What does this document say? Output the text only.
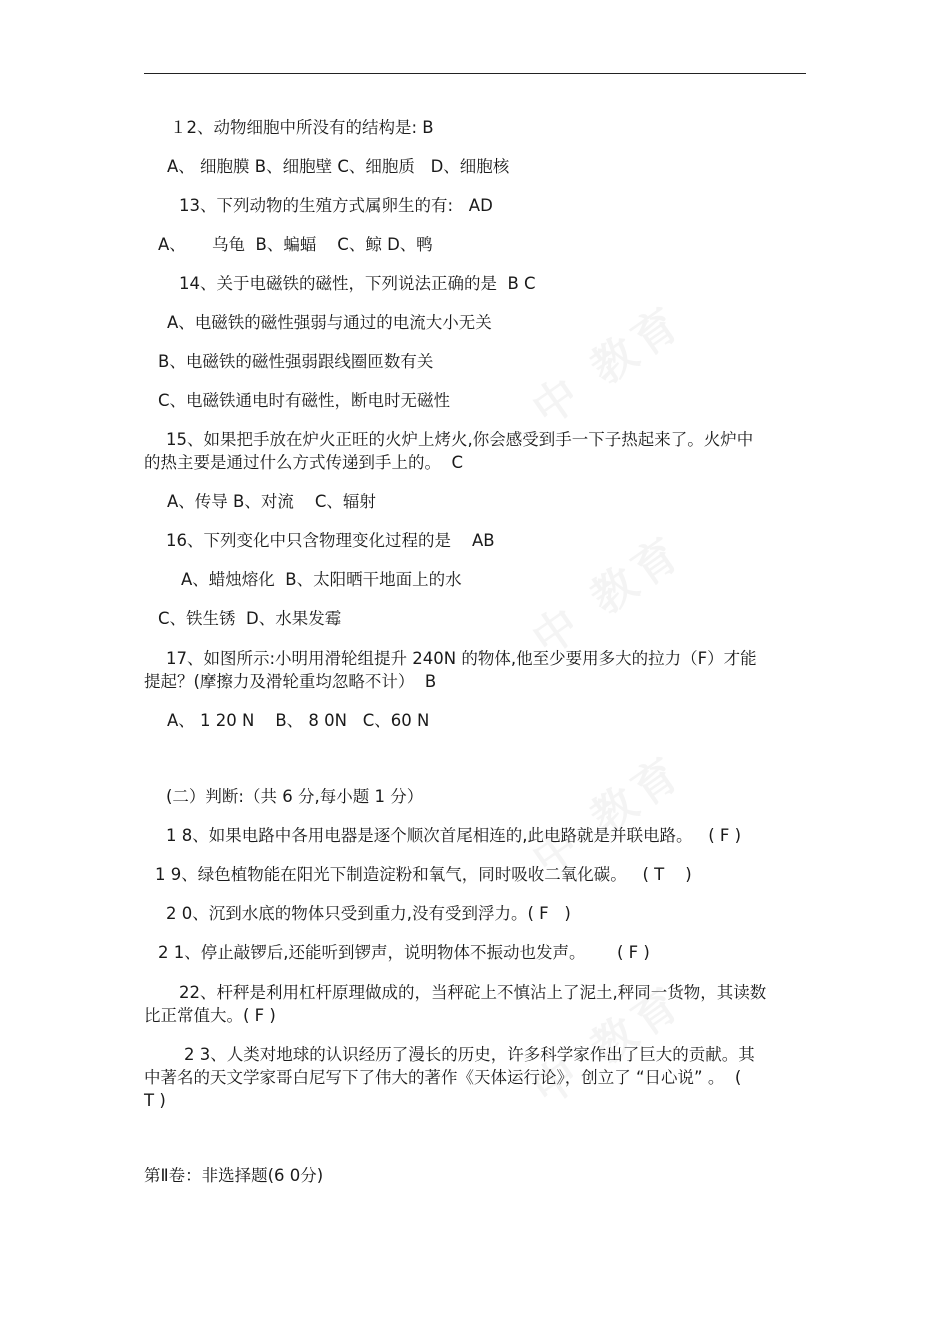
１2、动物细胞中所没有的结构是: B
A、 细胞膜 B、细胞壁 C、细胞质   D、细胞核
13、下列动物的生殖方式属卵生的有:   AD
A、     乌龟  B、蝙蝠    C、鲸 D、鸭
14、关于电磁铁的磁性，下列说法正确的是  B C
A、电磁铁的磁性强弱与通过的电流大小无关
B、电磁铁的磁性强弱跟线圈匝数有关
C、电磁铁通电时有磁性，断电时无磁性
15、如果把手放在炉火正旺的火炉上烤火,你会感受到手一下子热起来了。火炉中
的热主要是通过什么方式传递到手上的。  C
A、传导 B、对流    C、辐射
16、下列变化中只含物理变化过程的是    AB
A、蜡烛熔化  B、太阳晒干地面上的水
C、铁生锈  D、水果发霉
17、如图所示:小明用滑轮组提升 240N 的物体,他至少要用多大的拉力（F）才能
提起？(摩擦力及滑轮重均忽略不计）  B
A、 1 20 N    B、 8 0N   C、60 N
(二）判断:（共 6 分,每小题 1 分）
1 8、如果电路中各用电器是逐个顺次首尾相连的,此电路就是并联电路。   ( F )
1 9、绿色植物能在阳光下制造淀粉和氧气，同时吸收二氧化碳。   ( T    )
2 0、沉到水底的物体只受到重力,没有受到浮力。( F   )
2 1、停止敲锣后,还能听到锣声，说明物体不振动也发声。      ( F )
22、杆秤是利用杠杆原理做成的，当秤砣上不慎沾上了泥土,秤同一货物，其读数
比正常值大。( F )
2 3、人类对地球的认识经历了漫长的历史，许多科学家作出了巨大的贡献。其
中著名的天文学家哥白尼写下了伟大的著作《天体运行论》，创立了 “日心说” 。  (
T )
第Ⅱ卷：非选择题(6 0分)
